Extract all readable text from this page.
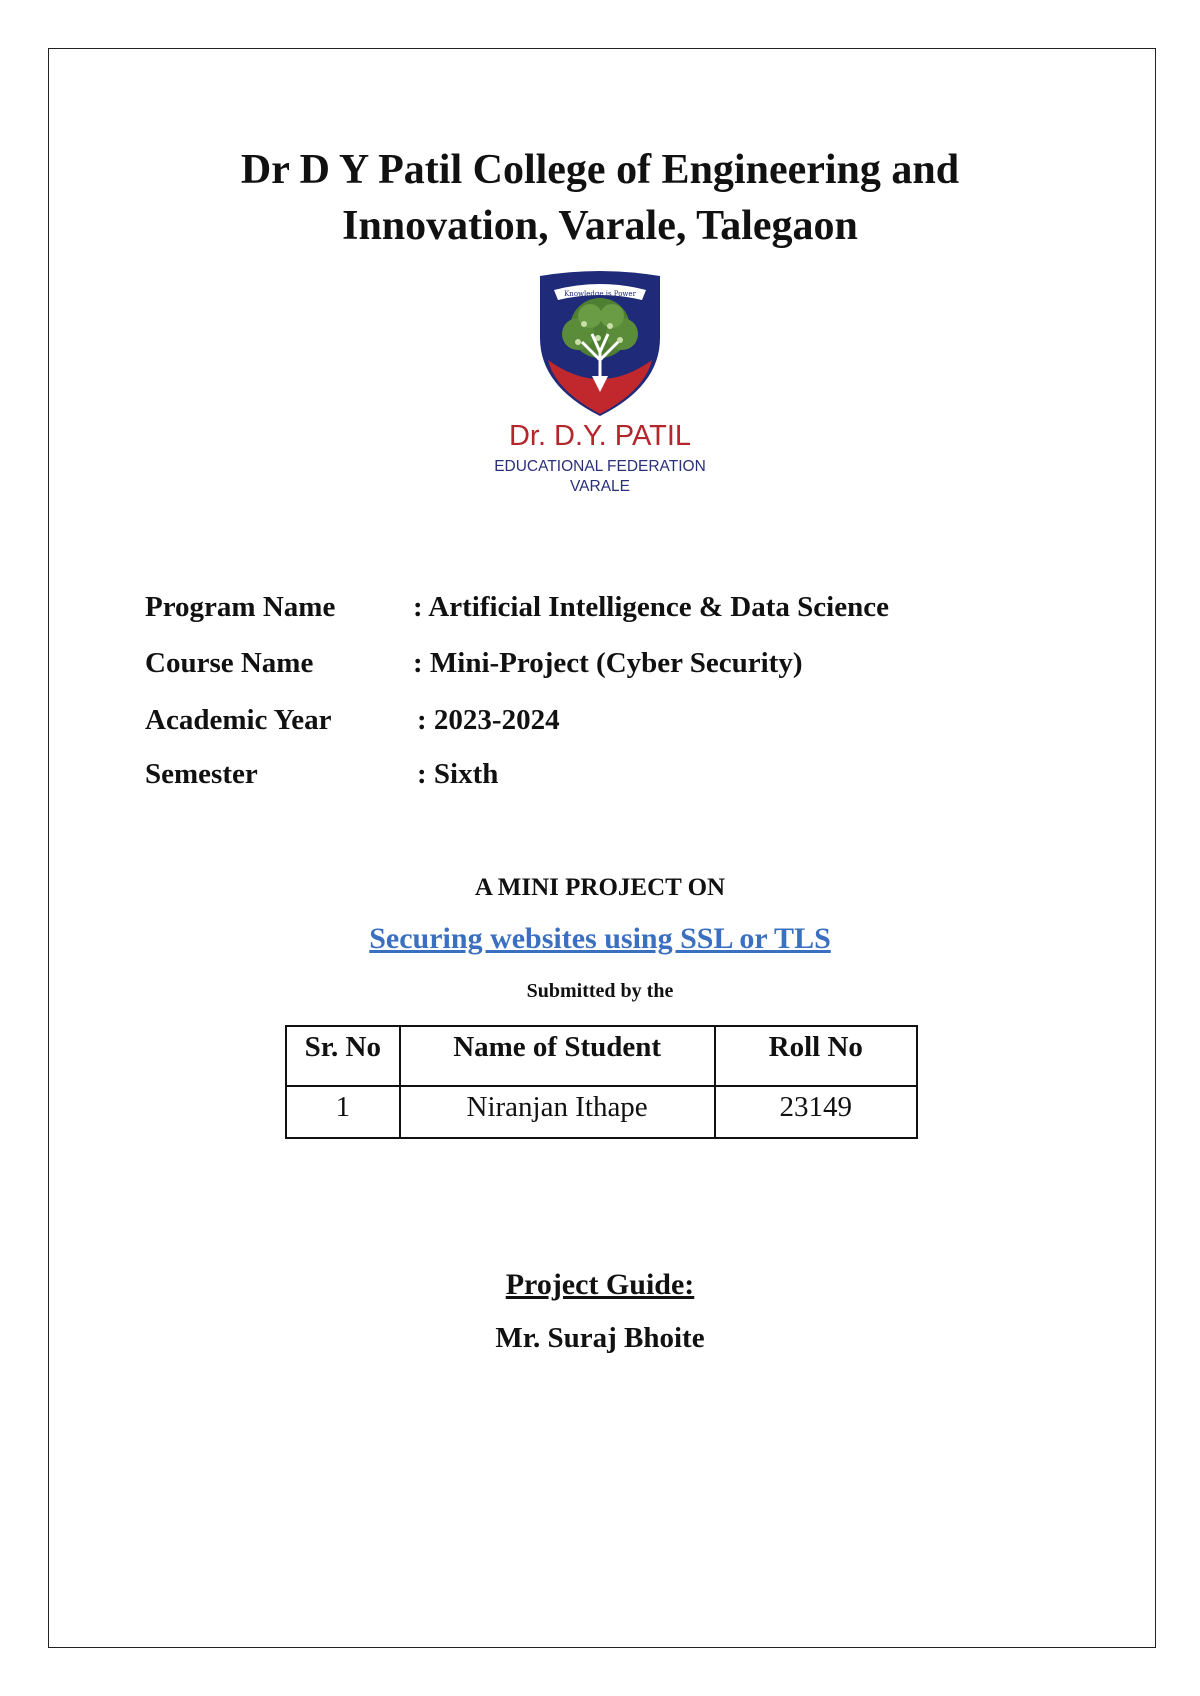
Dr D Y Patil College of Engineering and
Innovation, Varale, Talegaon
Knowledge is Power
Dr. D.Y. PATIL
EDUCATIONAL FEDERATION
VARALE
Program Name	: Artificial Intelligence & Data Science
Course Name	: Mini-Project (Cyber Security)
Academic Year	: 2023-2024
Semester	: Sixth
A MINI PROJECT ON
Securing websites using SSL or TLS
Submitted by the
Sr. No	Name of Student	Roll No
1	Niranjan Ithape	23149
Project Guide:
Mr. Suraj Bhoite
